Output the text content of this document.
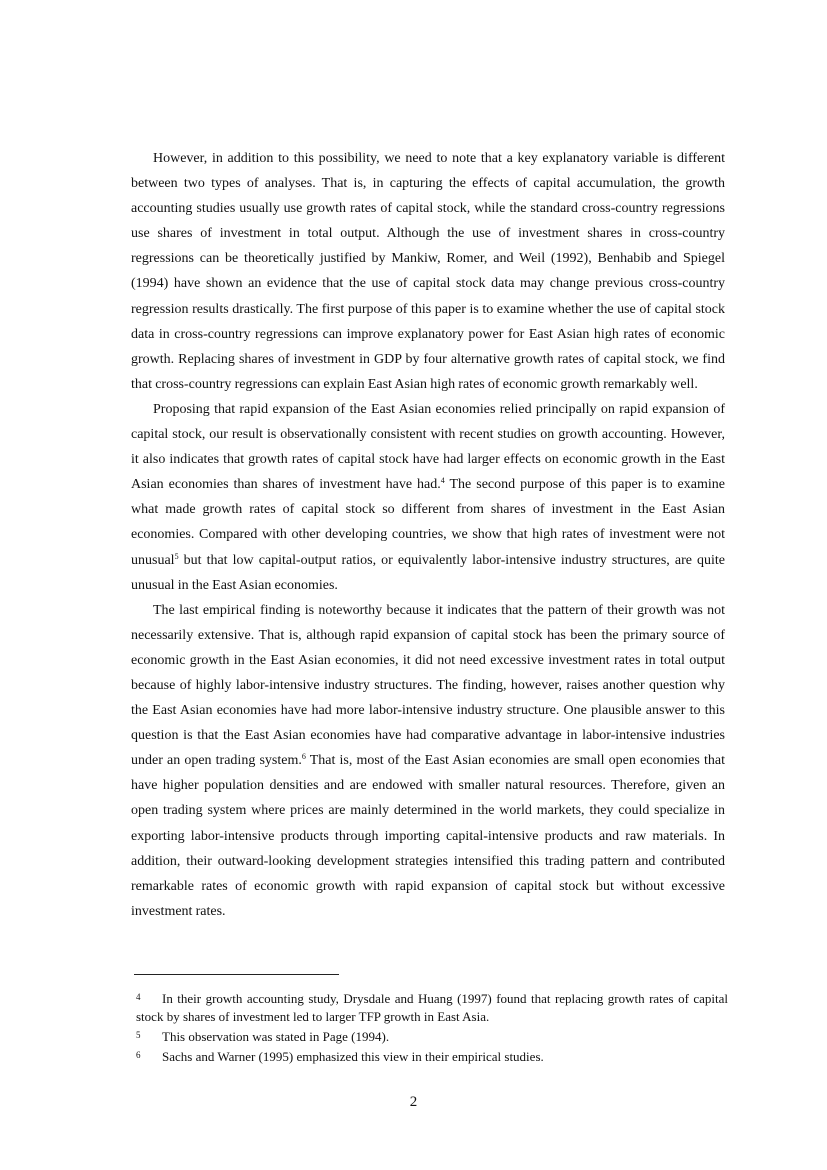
However, in addition to this possibility, we need to note that a key explanatory variable is different between two types of analyses. That is, in capturing the effects of capital accumulation, the growth accounting studies usually use growth rates of capital stock, while the standard cross-country regressions use shares of investment in total output. Although the use of investment shares in cross-country regressions can be theoretically justified by Mankiw, Romer, and Weil (1992), Benhabib and Spiegel (1994) have shown an evidence that the use of capital stock data may change previous cross-country regression results drastically. The first purpose of this paper is to examine whether the use of capital stock data in cross-country regressions can improve explanatory power for East Asian high rates of economic growth. Replacing shares of investment in GDP by four alternative growth rates of capital stock, we find that cross-country regressions can explain East Asian high rates of economic growth remarkably well.

Proposing that rapid expansion of the East Asian economies relied principally on rapid expansion of capital stock, our result is observationally consistent with recent studies on growth accounting. However, it also indicates that growth rates of capital stock have had larger effects on economic growth in the East Asian economies than shares of investment have had.$^4$ The second purpose of this paper is to examine what made growth rates of capital stock so different from shares of investment in the East Asian economies. Compared with other developing countries, we show that high rates of investment were not unusual$^5$ but that low capital-output ratios, or equivalently labor-intensive industry structures, are quite unusual in the East Asian economies.

The last empirical finding is noteworthy because it indicates that the pattern of their growth was not necessarily extensive. That is, although rapid expansion of capital stock has been the primary source of economic growth in the East Asian economies, it did not need excessive investment rates in total output because of highly labor-intensive industry structures. The finding, however, raises another question why the East Asian economies have had more labor-intensive industry structure. One plausible answer to this question is that the East Asian economies have had comparative advantage in labor-intensive industries under an open trading system.$^6$ That is, most of the East Asian economies are small open economies that have higher population densities and are endowed with smaller natural resources. Therefore, given an open trading system where prices are mainly determined in the world markets, they could specialize in exporting labor-intensive products through importing capital-intensive products and raw materials. In addition, their outward-looking development strategies intensified this trading pattern and contributed remarkable rates of economic growth with rapid expansion of capital stock but without excessive investment rates.

4 In their growth accounting study, Drysdale and Huang (1997) found that replacing growth rates of capital stock by shares of investment led to larger TFP growth in East Asia.

5 This observation was stated in Page (1994).

6 Sachs and Warner (1995) emphasized this view in their empirical studies.

2
